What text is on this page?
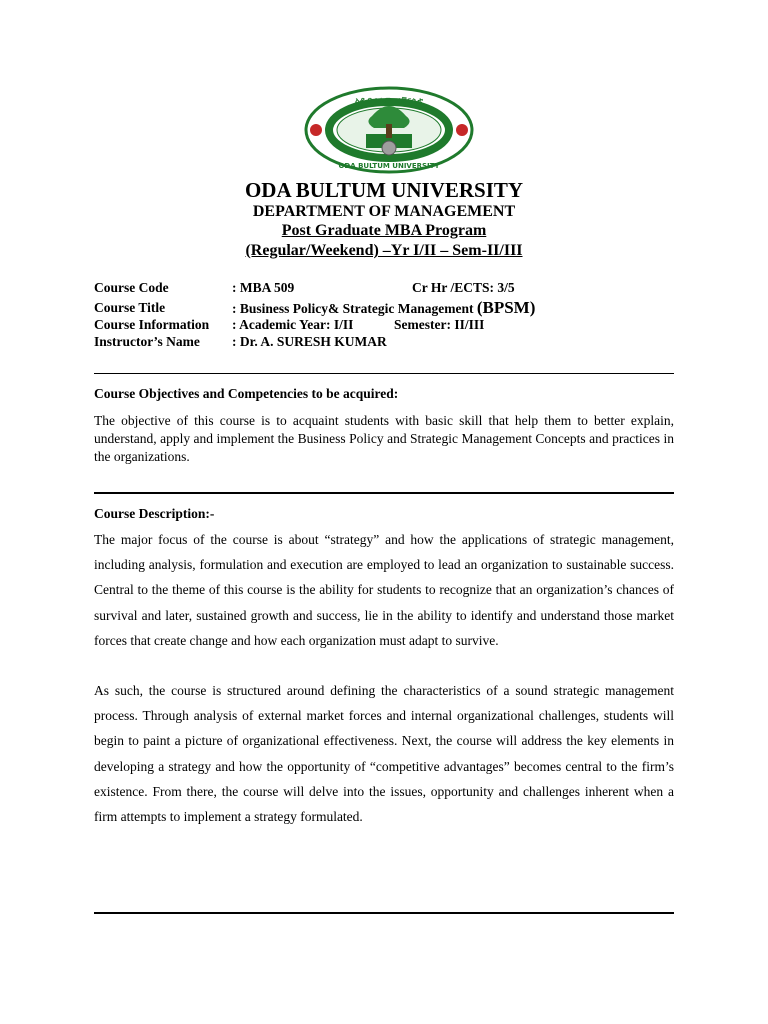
ኦዳ ቡልቱም ዩኒቨርሲቲ
ODA BULTUM UNIVERSITY
ODA BULTUM UNIVERSITY
DEPARTMENT OF MANAGEMENT
Post Graduate MBA Program
(Regular/Weekend) –Yr I/II – Sem-II/III
Course Code	: MBA 509	Cr Hr /ECTS: 3/5
Course Title	: Business Policy& Strategic Management (BPSM)
Course Information : Academic Year: I/II	Semester: II/III
Instructor’s Name : Dr. A. SURESH KUMAR
Course Objectives and Competencies to be acquired:
The objective of this course is to acquaint students with basic skill that help them to better explain, understand, apply and implement the Business Policy and Strategic Management Concepts and practices in the organizations.
Course Description:-
The major focus of the course is about “strategy” and how the applications of strategic management, including analysis, formulation and execution are employed to lead an organization to sustainable success. Central to the theme of this course is the ability for students to recognize that an organization’s chances of survival and later, sustained growth and success, lie in the ability to identify and understand those market forces that create change and how each organization must adapt to survive.
As such, the course is structured around defining the characteristics of a sound strategic management process. Through analysis of external market forces and internal organizational challenges, students will begin to paint a picture of organizational effectiveness. Next, the course will address the key elements in developing a strategy and how the opportunity of “competitive advantages” becomes central to the firm’s existence. From there, the course will delve into the issues, opportunity and challenges inherent when a firm attempts to implement a strategy formulated.
